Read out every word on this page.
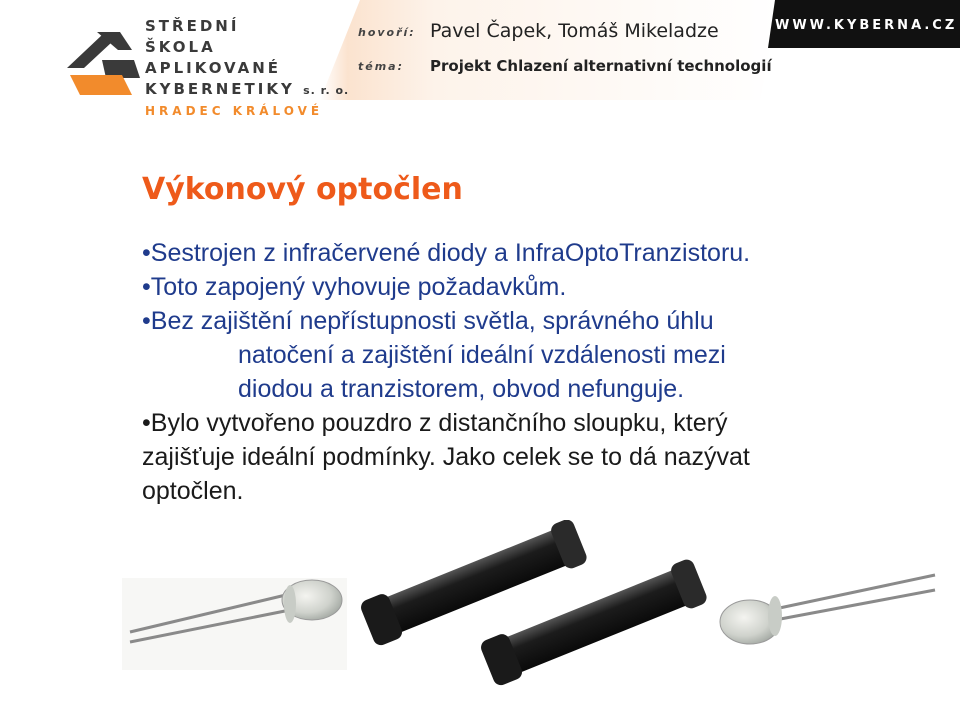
STŘEDNÍ
ŠKOLA
APLIKOVANÉ
KYBERNETIKY s. r. o.
HRADEC KRÁLOVÉ
hovoří:
téma:
Pavel Čapek, Tomáš Mikeladze
Projekt Chlazení alternativní technologií
WWW.KYBERNA.CZ
Výkonový optočlen
•Sestrojen z infračervené diody a InfraOptoTranzistoru.
•Toto zapojený vyhovuje požadavkům.
•Bez zajištění nepřístupnosti světla, správného úhlu
natočení a zajištění ideální vzdálenosti mezi
diodou a tranzistorem, obvod nefunguje.
•Bylo vytvořeno pouzdro z distančního sloupku, který
zajišťuje ideální podmínky. Jako celek se to dá nazývat
optočlen.
